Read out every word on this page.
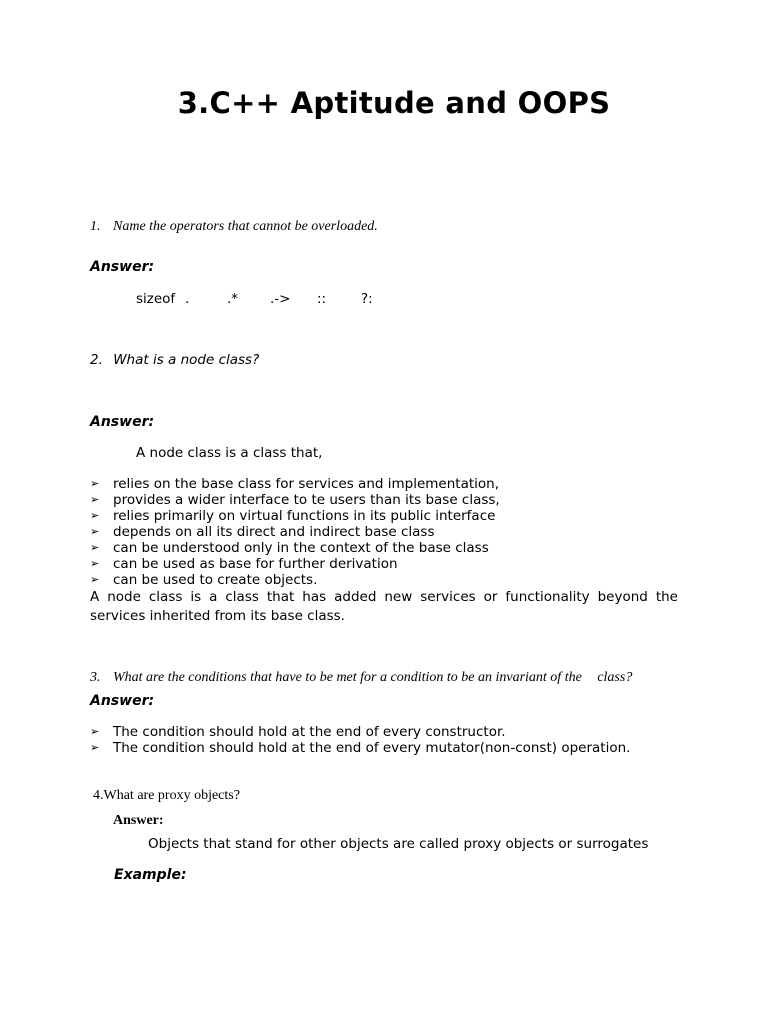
3.C++ Aptitude and OOPS
1. Name the operators that cannot be overloaded.
Answer:
sizeof .	.* .-> ::	?:
2. What is a node class?
Answer:
A node class is a class that,
➢ relies on the base class for services and implementation,
➢ provides a wider interface to te users than its base class,
➢ relies primarily on virtual functions in its public interface
➢ depends on all its direct and indirect base class
➢ can be understood only in the context of the base class
➢ can be used as base for further derivation
➢ can be used to create objects.
A node class is a class that has added new services or functionality beyond the
services inherited from its base class.
3. What are the conditions that have to be met for a condition to be an invariant of the class?
Answer:
➢ The condition should hold at the end of every constructor.
➢ The condition should hold at the end of every mutator(non-const) operation.
4.What are proxy objects?
Answer:
Objects that stand for other objects are called proxy objects or surrogates
Example:
